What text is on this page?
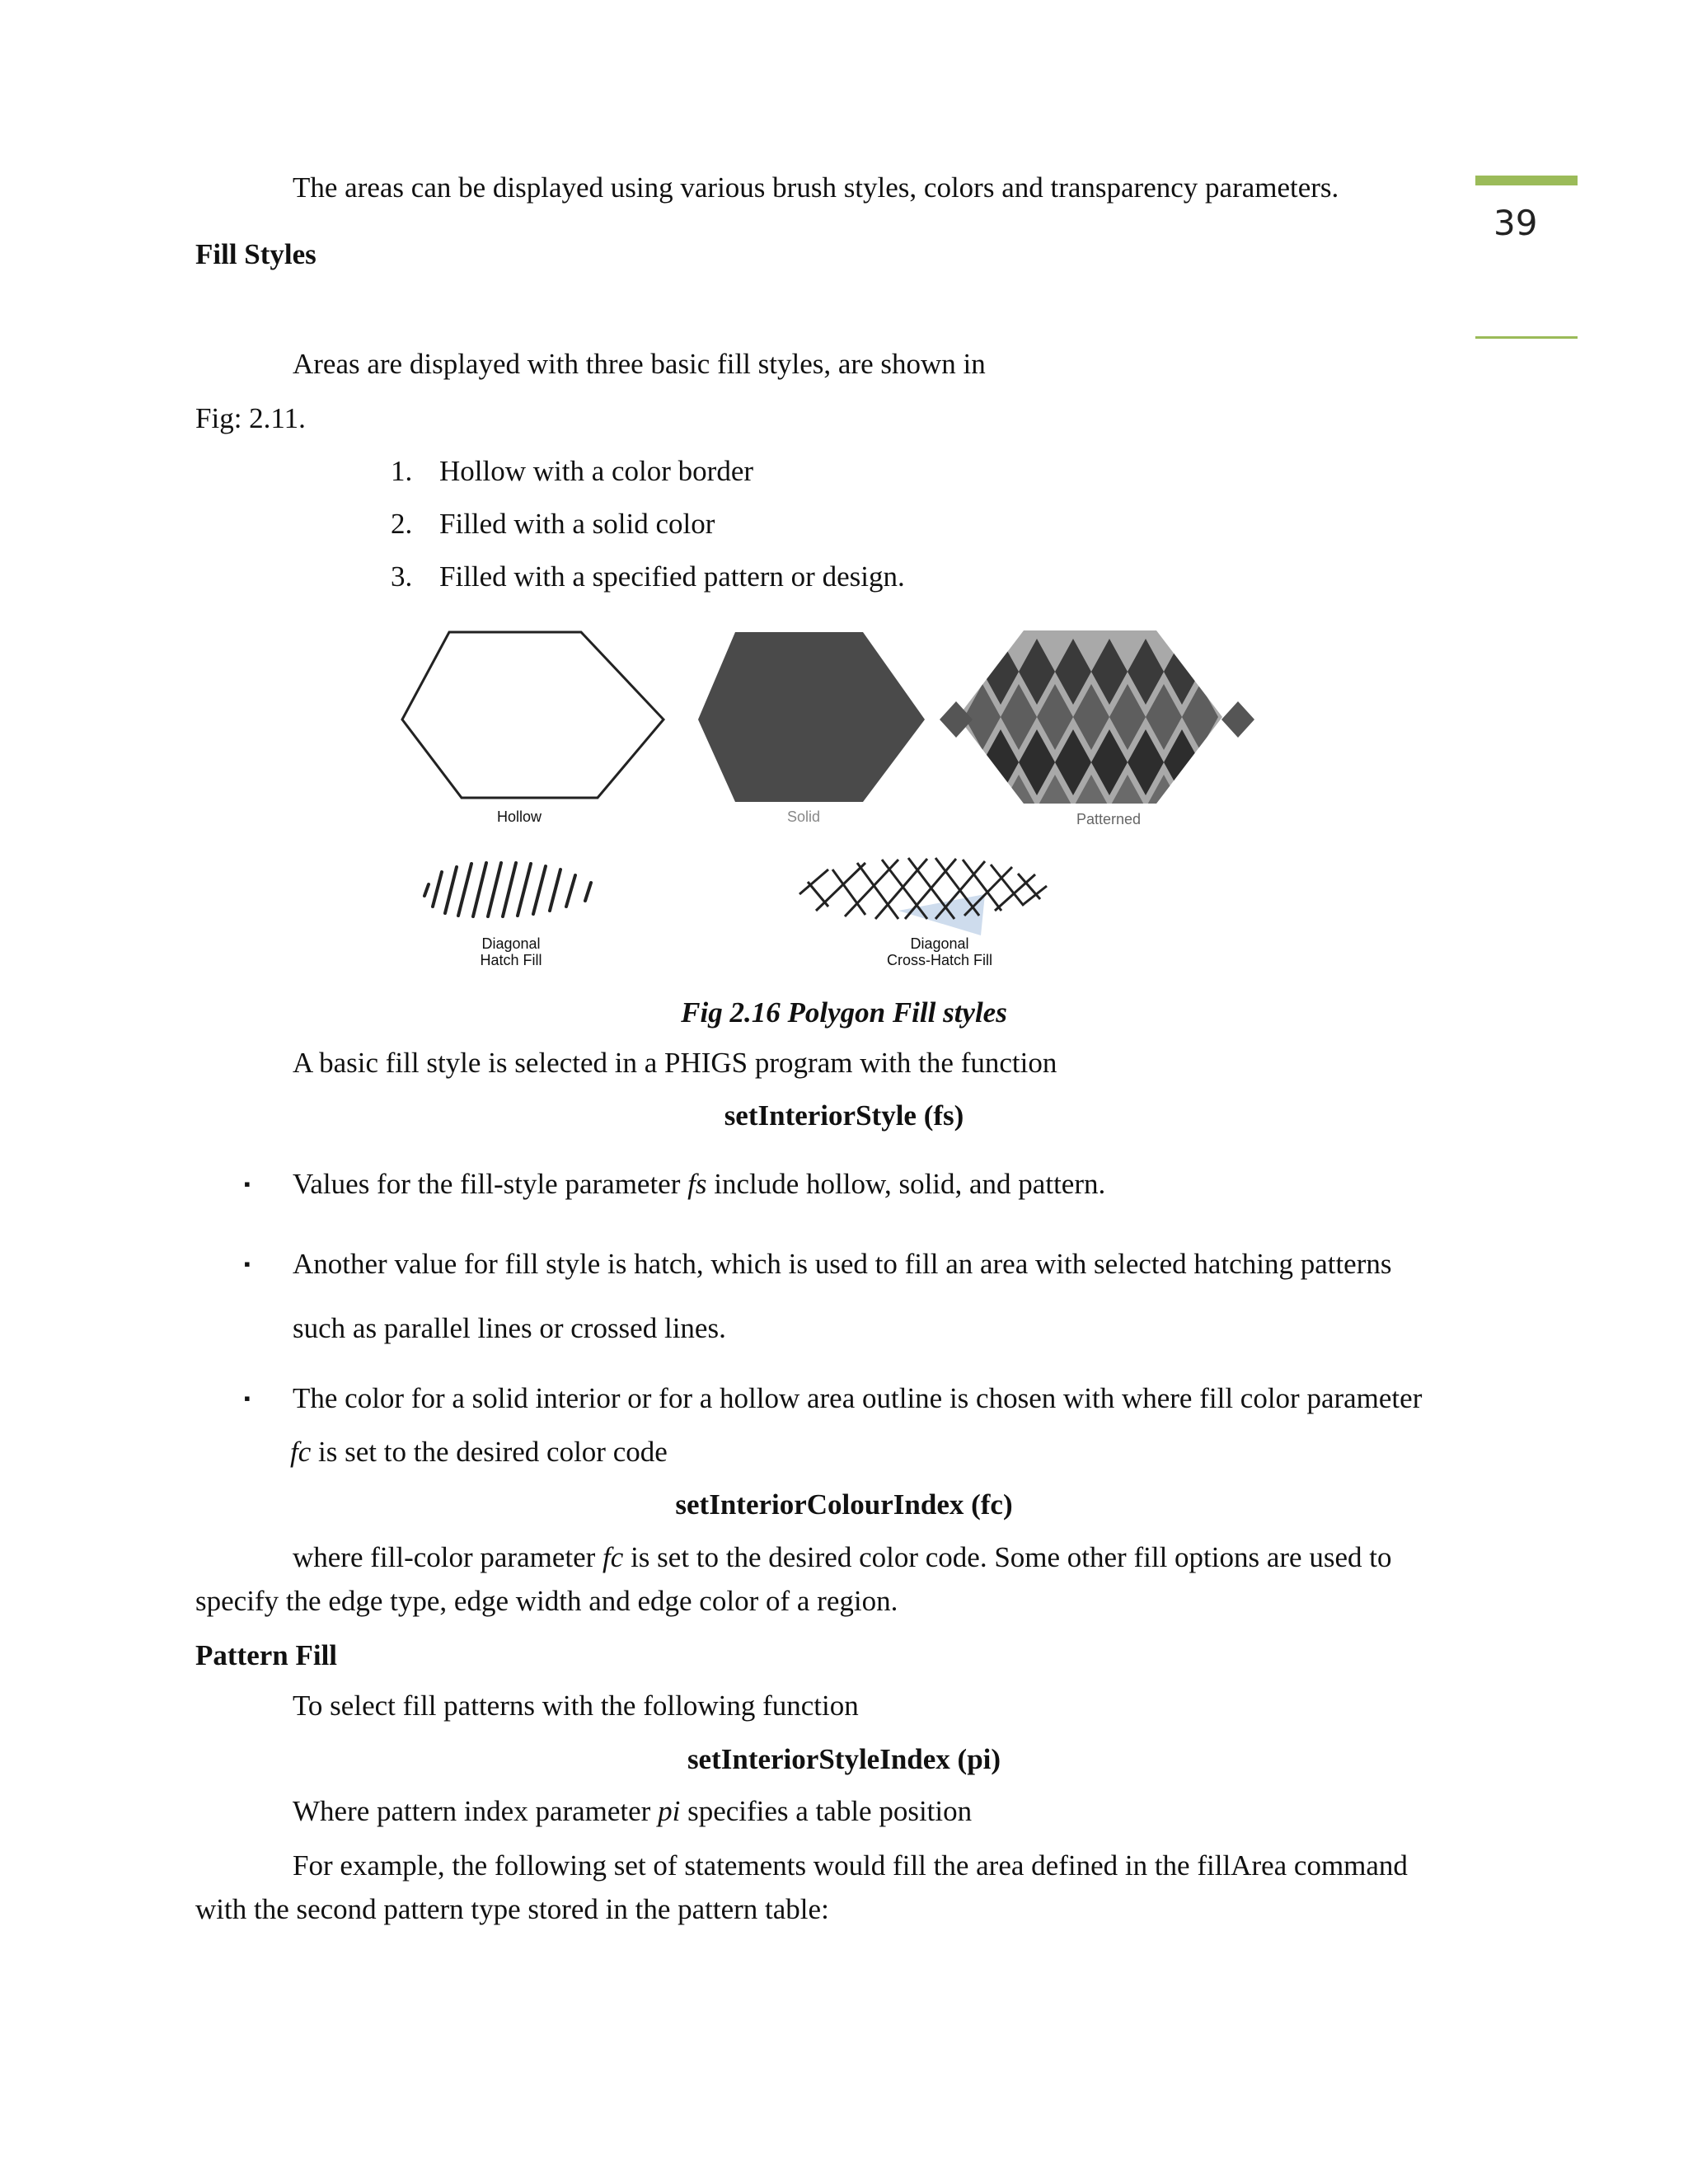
39
The areas can be displayed using various brush styles, colors and transparency parameters.
Fill Styles
Areas are displayed with three basic fill styles, are shown in
Fig: 2.11.
1. Hollow with a color border
2. Filled with a solid color
3. Filled with a specified pattern or design.
Hollow	Solid	Patterned
Diagonal
Hatch Fill
Diagonal
Cross-Hatch Fill
Fig 2.16 Polygon Fill styles
A basic fill style is selected in a PHIGS program with the function
setInteriorStyle (fs)
▪ Values for the fill-style parameter fs include hollow, solid, and pattern.
▪ Another value for fill style is hatch, which is used to fill an area with selected hatching patterns
such as parallel lines or crossed lines.
▪ The color for a solid interior or for a hollow area outline is chosen with where fill color parameter
fc is set to the desired color code
setInteriorColourIndex (fc)
where fill-color parameter fc is set to the desired color code. Some other fill options are used to
specify the edge type, edge width and edge color of a region.
Pattern Fill
To select fill patterns with the following function
setInteriorStyleIndex (pi)
Where pattern index parameter pi specifies a table position
For example, the following set of statements would fill the area defined in the fillArea command
with the second pattern type stored in the pattern table:
